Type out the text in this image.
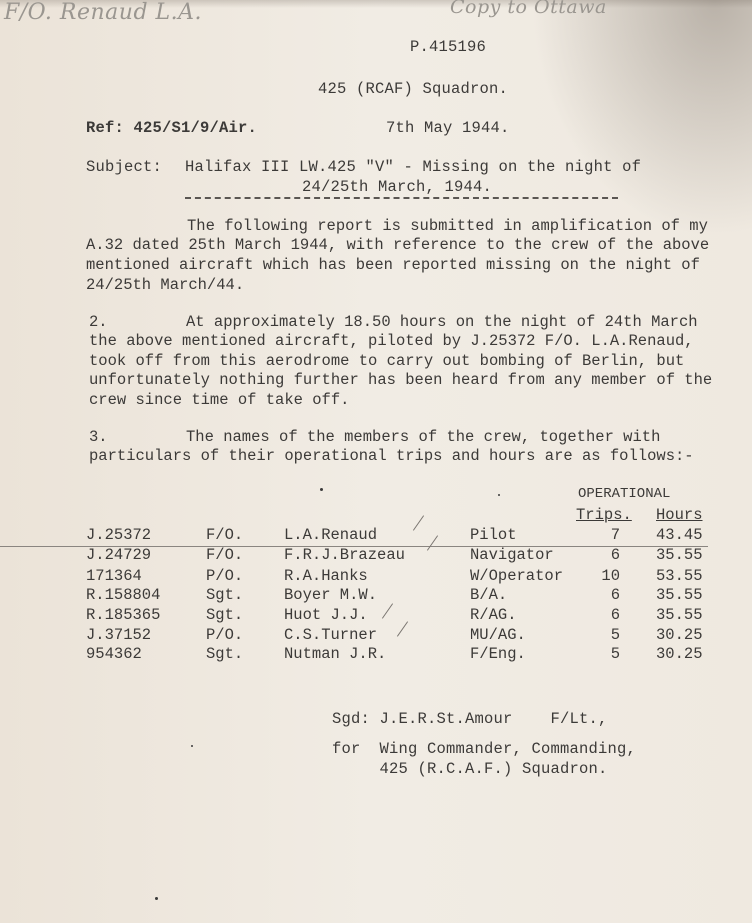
F/O. Renaud L.A.	Copy to Ottawa
P.415196
425 (RCAF) Squadron.
Ref: 425/S1/9/Air.	7th May 1944.
Subject: Halifax III LW.425 "V" - Missing on the night of
24/25th March, 1944.
The following report is submitted in amplification of my
A.32 dated 25th March 1944, with reference to the crew of the above
mentioned aircraft which has been reported missing on the night of
24/25th March/44.
2.	At approximately 18.50 hours on the night of 24th March
the above mentioned aircraft, piloted by J.25372 F/O. L.A.Renaud,
took off from this aerodrome to carry out bombing of Berlin, but
unfortunately nothing further has been heard from any member of the
crew since time of take off.
3.	The names of the members of the crew, together with
particulars of their operational trips and hours are as follows:-
OPERATIONAL
Trips. Hours
J.25372	F/O.	L.A.Renaud	Pilot	7 43.45
J.24729	F/O.	F.R.J.Brazeau	Navigator	6 35.55
171364	P/O.	R.A.Hanks	W/Operator	10 53.55
R.158804	Sgt.	Boyer M.W.	B/A.	6 35.55
R.185365	Sgt.	Huot J.J.	R/AG.	6 35.55
J.37152	P/O.	C.S.Turner	MU/AG.	5 30.25
954362	Sgt.	Nutman J.R.	F/Eng.	5 30.25
Sgd: J.E.R.St.Amour    F/Lt.,
for  Wing Commander, Commanding,
425 (R.C.A.F.) Squadron.
